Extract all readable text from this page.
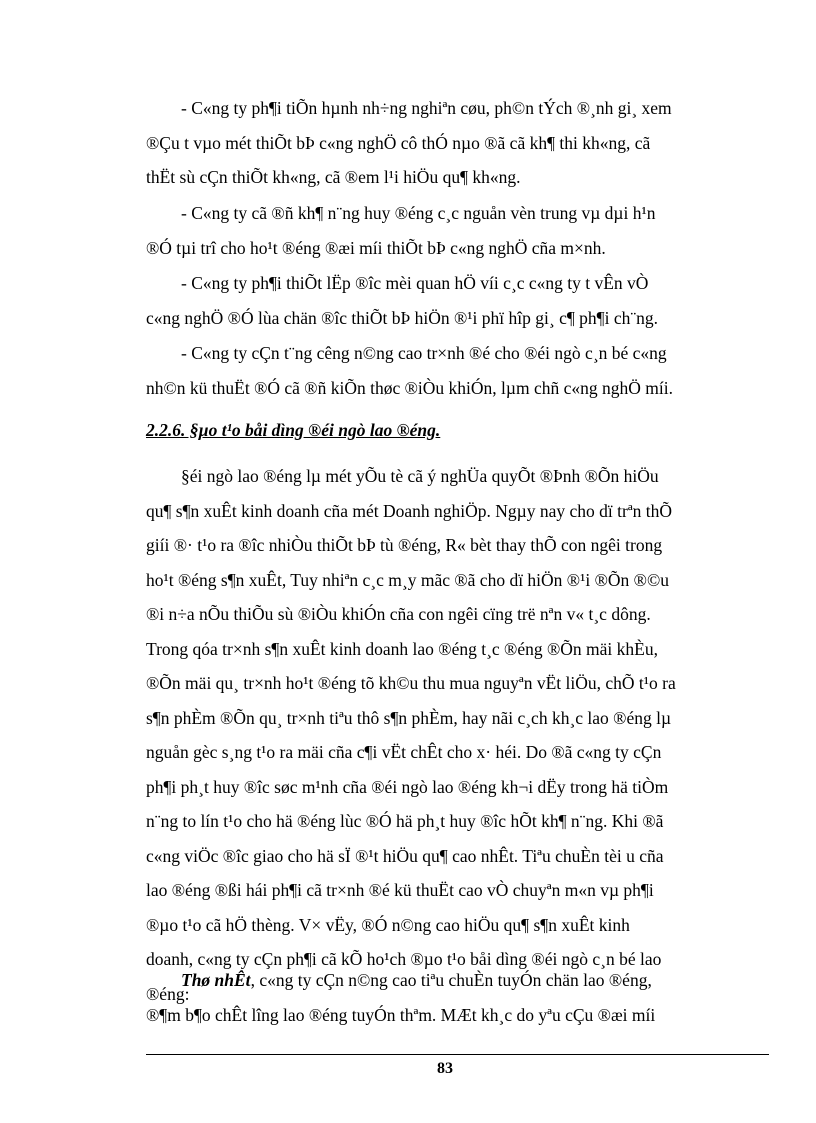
- C«ng ty ph¶i tiÕn hµnh nh÷ng nghiªn cøu, ph©n tÝch ®¸nh gi¸ xem
®Çu t vµo mét thiÕt bÞ c«ng nghÖ cô thÓ nµo ®ã cã kh¶ thi kh«ng, cã
thËt sù cÇn thiÕt kh«ng, cã ®em l¹i hiÖu qu¶ kh«ng.
- C«ng ty cã ®ñ kh¶ n¨ng huy ®éng c¸c nguån vèn trung vµ dµi h¹n
®Ó tµi trî cho ho¹t ®éng ®æi míi thiÕt bÞ c«ng nghÖ cña m×nh.
- C«ng ty ph¶i thiÕt lËp ®îc mèi quan hÖ víi c¸c c«ng ty t vÊn vÒ
c«ng nghÖ ®Ó lùa chän ®îc thiÕt bÞ hiÖn ®¹i phï hîp gi¸ c¶ ph¶i ch¨ng.
- C«ng ty cÇn t¨ng cêng n©ng cao tr×nh ®é cho ®éi ngò c¸n bé c«ng
nh©n kü thuËt ®Ó cã ®ñ kiÕn thøc ®iÒu khiÓn, lµm chñ c«ng nghÖ míi.
2.2.6. §µo t¹o båi dìng ®éi ngò lao ®éng.
§éi ngò lao ®éng lµ mét yÕu tè cã ý nghÜa quyÕt ®Þnh ®Õn hiÖu
qu¶ s¶n xuÊt kinh doanh cña mét Doanh nghiÖp. Ngµy nay cho dï trªn thÕ
giíi ®· t¹o ra ®îc nhiÒu thiÕt bÞ tù ®éng, R« bèt thay thÕ con ngêi trong
ho¹t ®éng s¶n xuÊt, Tuy nhiªn c¸c m¸y mãc ®ã cho dï hiÖn ®¹i ®Õn ®©u
®i n÷a nÕu thiÕu sù ®iÒu khiÓn cña con ngêi cïng trë nªn v« t¸c dông.
Trong qóa tr×nh s¶n xuÊt kinh doanh lao ®éng t¸c ®éng ®Õn mäi khÈu,
®Õn mäi qu¸ tr×nh ho¹t ®éng tõ kh©u thu mua nguyªn vËt liÖu, chÕ t¹o ra
s¶n phÈm ®Õn qu¸ tr×nh tiªu thô s¶n phÈm, hay nãi c¸ch kh¸c lao ®éng lµ
nguån gèc s¸ng t¹o ra mäi cña c¶i vËt chÊt cho x· héi. Do ®ã c«ng ty cÇn
ph¶i ph¸t huy ®îc søc m¹nh cña ®éi ngò lao ®éng kh¬i dËy trong hä tiÒm
n¨ng to lín t¹o cho hä ®éng lùc ®Ó hä ph¸t huy ®îc hÕt kh¶ n¨ng. Khi ®ã
c«ng viÖc ®îc giao cho hä sÏ ®¹t hiÖu qu¶ cao nhÊt. Tiªu chuÈn tèi u cña
lao ®éng ®ßi hái ph¶i cã tr×nh ®é kü thuËt cao vÒ chuyªn m«n vµ ph¶i
®µo t¹o cã hÖ thèng. V× vËy, ®Ó n©ng cao hiÖu qu¶ s¶n xuÊt kinh
doanh, c«ng ty cÇn ph¶i cã kÕ ho¹ch ®µo t¹o båi dìng ®éi ngò c¸n bé lao
®éng:
Thø nhÊt, c«ng ty cÇn n©ng cao tiªu chuÈn tuyÓn chän lao ®éng,
®¶m b¶o chÊt lîng lao ®éng tuyÓn thªm. MÆt kh¸c do yªu cÇu ®æi míi
83
